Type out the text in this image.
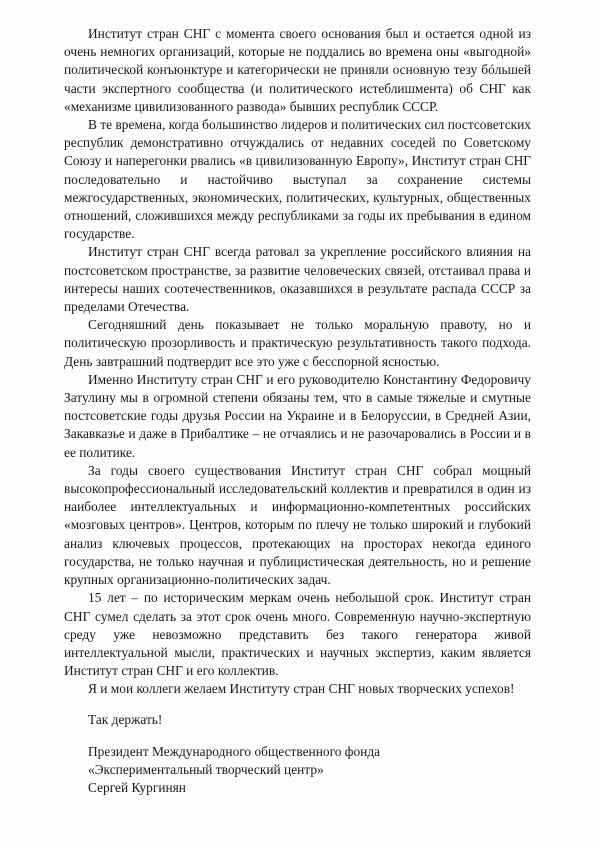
Институт стран СНГ с момента своего основания был и остается одной из очень немногих организаций, которые не поддались во времена оны «выгодной» политической конъюнктуре и категорически не приняли основную тезу бóльшей части экспертного сообщества (и политического истеблишмента) об СНГ как «механизме цивилизованного развода» бывших республик СССР.

В те времена, когда большинство лидеров и политических сил постсоветских республик демонстративно отчуждались от недавних соседей по Советскому Союзу и наперегонки рвались «в цивилизованную Европу», Институт стран СНГ последовательно и настойчиво выступал за сохранение системы межгосударственных, экономических, политических, культурных, общественных отношений, сложившихся между республиками за годы их пребывания в едином государстве.

Институт стран СНГ всегда ратовал за укрепление российского влияния на постсоветском пространстве, за развитие человеческих связей, отстаивал права и интересы наших соотечественников, оказавшихся в результате распада СССР за пределами Отечества.

Сегодняшний день показывает не только моральную правоту, но и политическую прозорливость и практическую результативность такого подхода. День завтрашний подтвердит все это уже с бесспорной ясностью.

Именно Институту стран СНГ и его руководителю Константину Федоровичу Затулину мы в огромной степени обязаны тем, что в самые тяжелые и смутные постсоветские годы друзья России на Украине и в Белоруссии, в Средней Азии, Закавказье и даже в Прибалтике – не отчаялись и не разочаровались в России и в ее политике.

За годы своего существования Институт стран СНГ собрал мощный высокопрофессиональный исследовательский коллектив и превратился в один из наиболее интеллектуальных и информационно-компетентных российских «мозговых центров». Центров, которым по плечу не только широкий и глубокий анализ ключевых процессов, протекающих на просторах некогда единого государства, не только научная и публицистическая деятельность, но и решение крупных организационно-политических задач.

15 лет – по историческим меркам очень небольшой срок. Институт стран СНГ сумел сделать за этот срок очень много. Современную научно-экспертную среду уже невозможно представить без такого генератора живой интеллектуальной мысли, практических и научных экспертиз, каким является Институт стран СНГ и его коллектив.

Я и мои коллеги желаем Институту стран СНГ новых творческих успехов!

Так держать!

Президент Международного общественного фонда
«Экспериментальный творческий центр»
Сергей Кургинян
